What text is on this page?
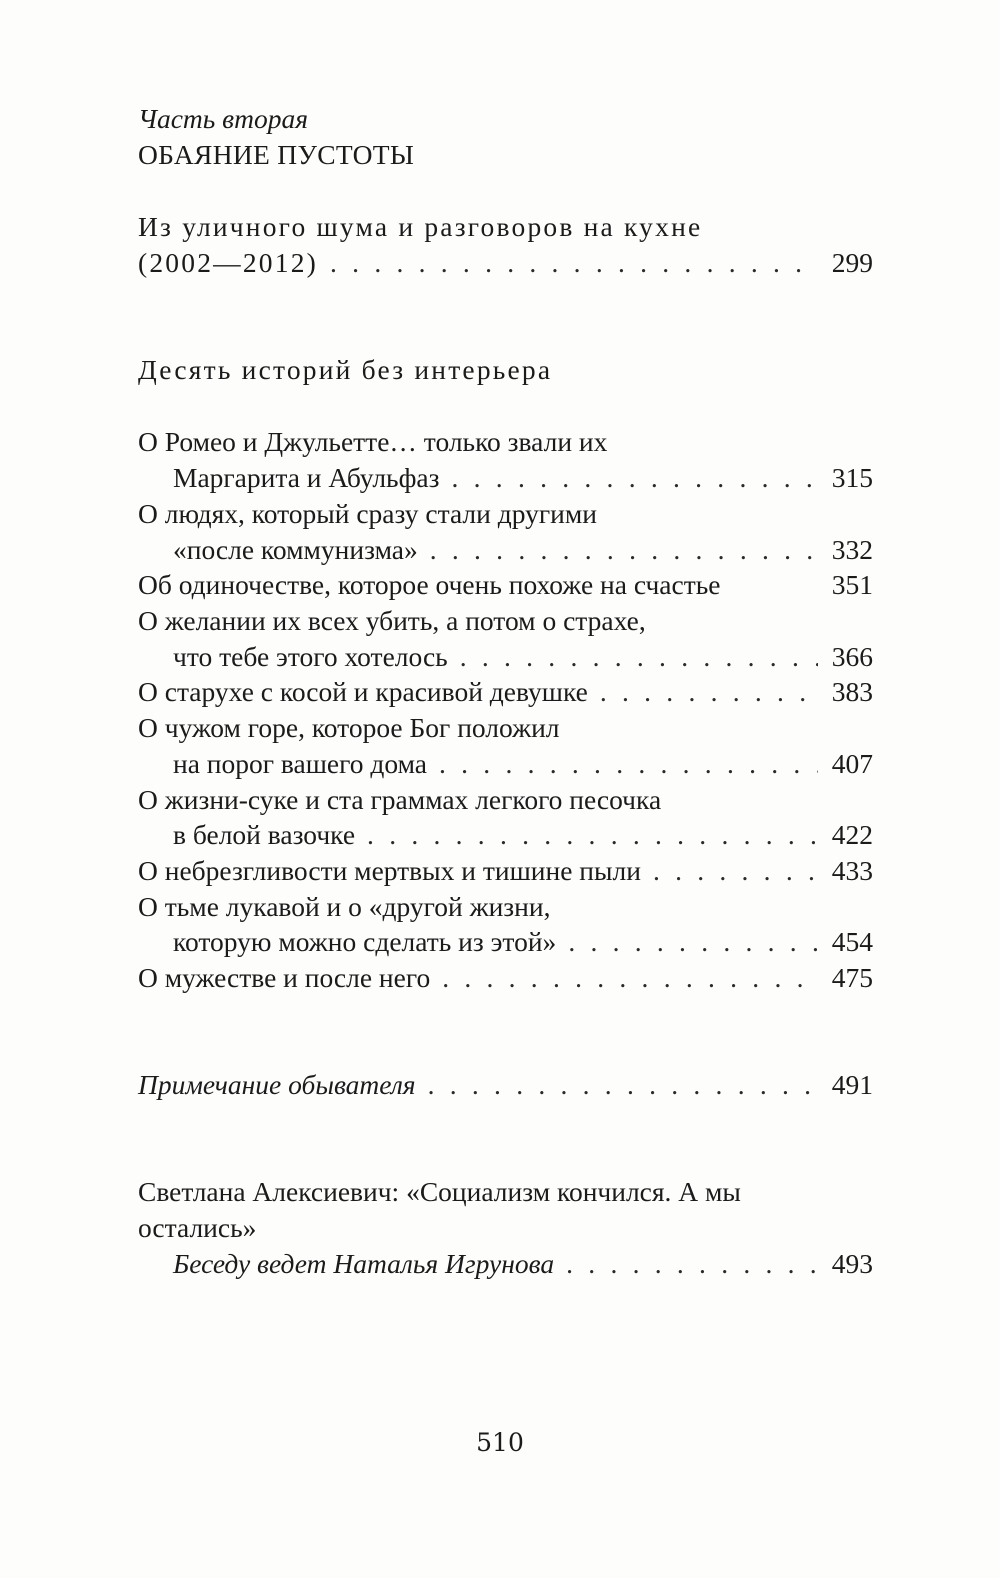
Часть вторая
ОБАЯНИЕ ПУСТОТЫ
Из уличного шума и разговоров на кухне
(2002—2012) . . .	299
Десять историй без интерьера
О Ромео и Джульетте… только звали их
Маргарита и Абульфаз . . .	315
О людях, который сразу стали другими
«после коммунизма» . . .	332
Об одиночестве, которое очень похоже на счастье	351
О желании их всех убить, а потом о страхе,
что тебе этого хотелось . . .	366
О старухе с косой и красивой девушке . . .	383
О чужом горе, которое Бог положил
на порог вашего дома . . .	407
О жизни-суке и ста граммах легкого песочка
в белой вазочке . . .	422
О небрезгливости мертвых и тишине пыли . . .	433
О тьме лукавой и о «другой жизни,
которую можно сделать из этой» . . .	454
О мужестве и после него . . .	475
Примечание обывателя . . .	491
Светлана Алексиевич: «Социализм кончился. А мы
остались»
Беседу ведет Наталья Игрунова . . .	493
510
